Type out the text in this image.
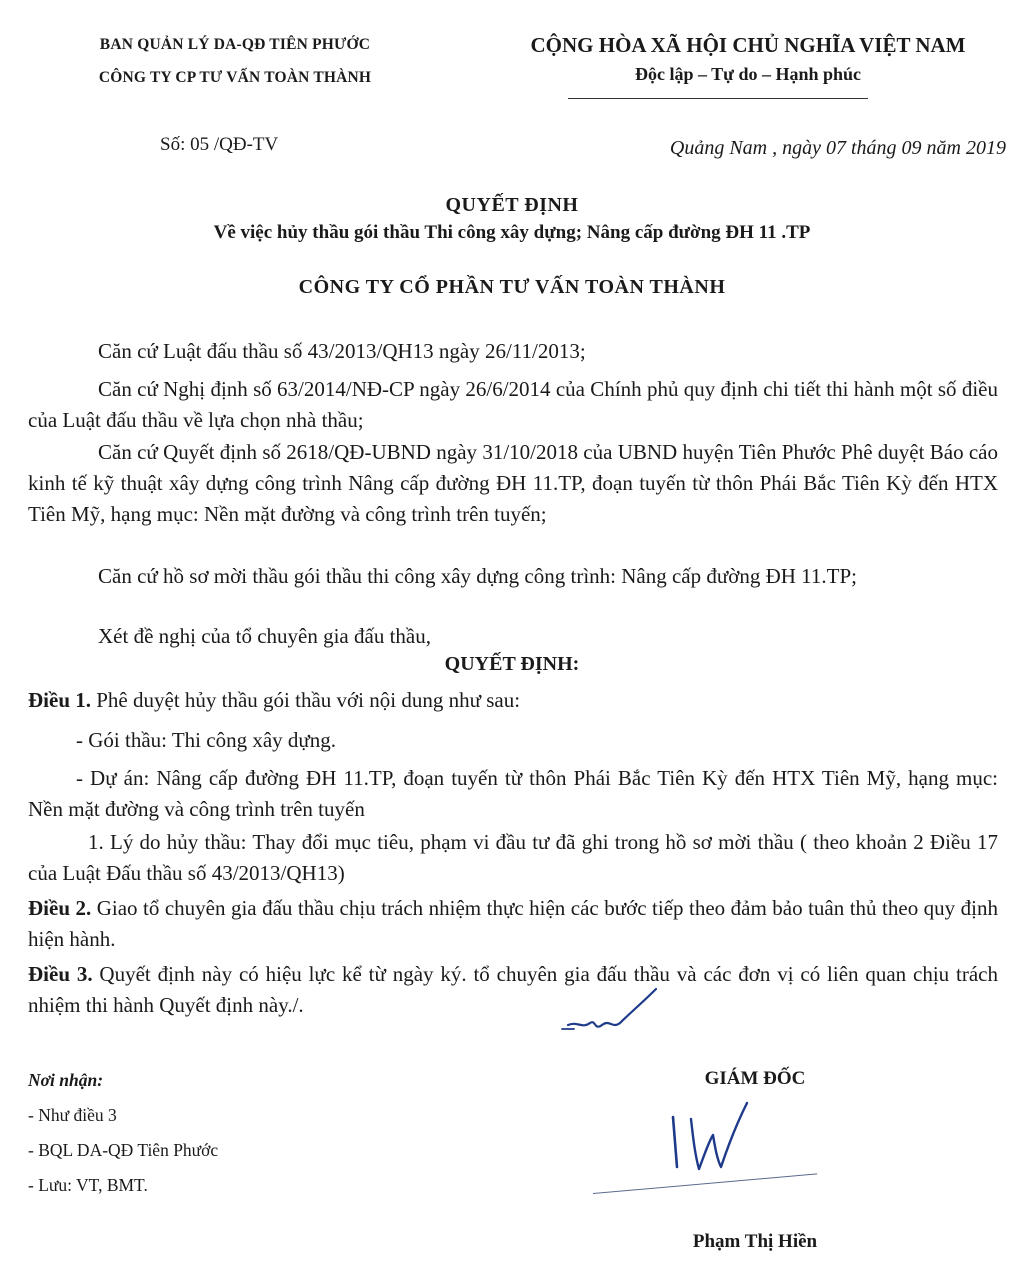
BAN QUẢN LÝ DA-QĐ TIÊN PHƯỚC
CÔNG TY CP TƯ VẤN TOÀN THÀNH
CỘNG HÒA XÃ HỘI CHỦ NGHĨA VIỆT NAM
Độc lập – Tự do – Hạnh phúc
Số: 05 /QĐ-TV	Quảng Nam , ngày 07 tháng 09 năm 2019
QUYẾT ĐỊNH
Về việc hủy thầu gói thầu Thi công xây dựng; Nâng cấp đường ĐH 11 .TP
CÔNG TY CỔ PHẦN TƯ VẤN TOÀN THÀNH
Căn cứ Luật đấu thầu số 43/2013/QH13 ngày 26/11/2013;
Căn cứ Nghị định số 63/2014/NĐ-CP ngày 26/6/2014 của Chính phủ quy định chi tiết thi hành một số điều của Luật đấu thầu về lựa chọn nhà thầu;
Căn cứ Quyết định số 2618/QĐ-UBND ngày 31/10/2018 của UBND huyện Tiên Phước Phê duyệt Báo cáo kinh tế kỹ thuật xây dựng công trình Nâng cấp đường ĐH 11.TP, đoạn tuyến từ thôn Phái Bắc Tiên Kỳ đến HTX Tiên Mỹ, hạng mục: Nền mặt đường và công trình trên tuyến;
Căn cứ hồ sơ mời thầu gói thầu thi công xây dựng công trình: Nâng cấp đường ĐH 11.TP;
Xét đề nghị của tổ chuyên gia đấu thầu,
QUYẾT ĐỊNH:
Điều 1. Phê duyệt hủy thầu gói thầu với nội dung như sau:
- Gói thầu: Thi công xây dựng.
- Dự án: Nâng cấp đường ĐH 11.TP, đoạn tuyến từ thôn Phái Bắc Tiên Kỳ đến HTX Tiên Mỹ, hạng mục: Nền mặt đường và công trình trên tuyến
1. Lý do hủy thầu: Thay đổi mục tiêu, phạm vi đầu tư đã ghi trong hồ sơ mời thầu ( theo khoản 2 Điều 17 của Luật Đấu thầu số 43/2013/QH13)
Điều 2. Giao tổ chuyên gia đấu thầu chịu trách nhiệm thực hiện các bước tiếp theo đảm bảo tuân thủ theo quy định hiện hành.
Điều 3. Quyết định này có hiệu lực kể từ ngày ký. tổ chuyên gia đấu thầu và các đơn vị có liên quan chịu trách nhiệm thi hành Quyết định này./.
Nơi nhận:
- Như điều 3
- BQL DA-QĐ Tiên Phước
- Lưu: VT, BMT.
GIÁM ĐỐC
Phạm Thị Hiền
